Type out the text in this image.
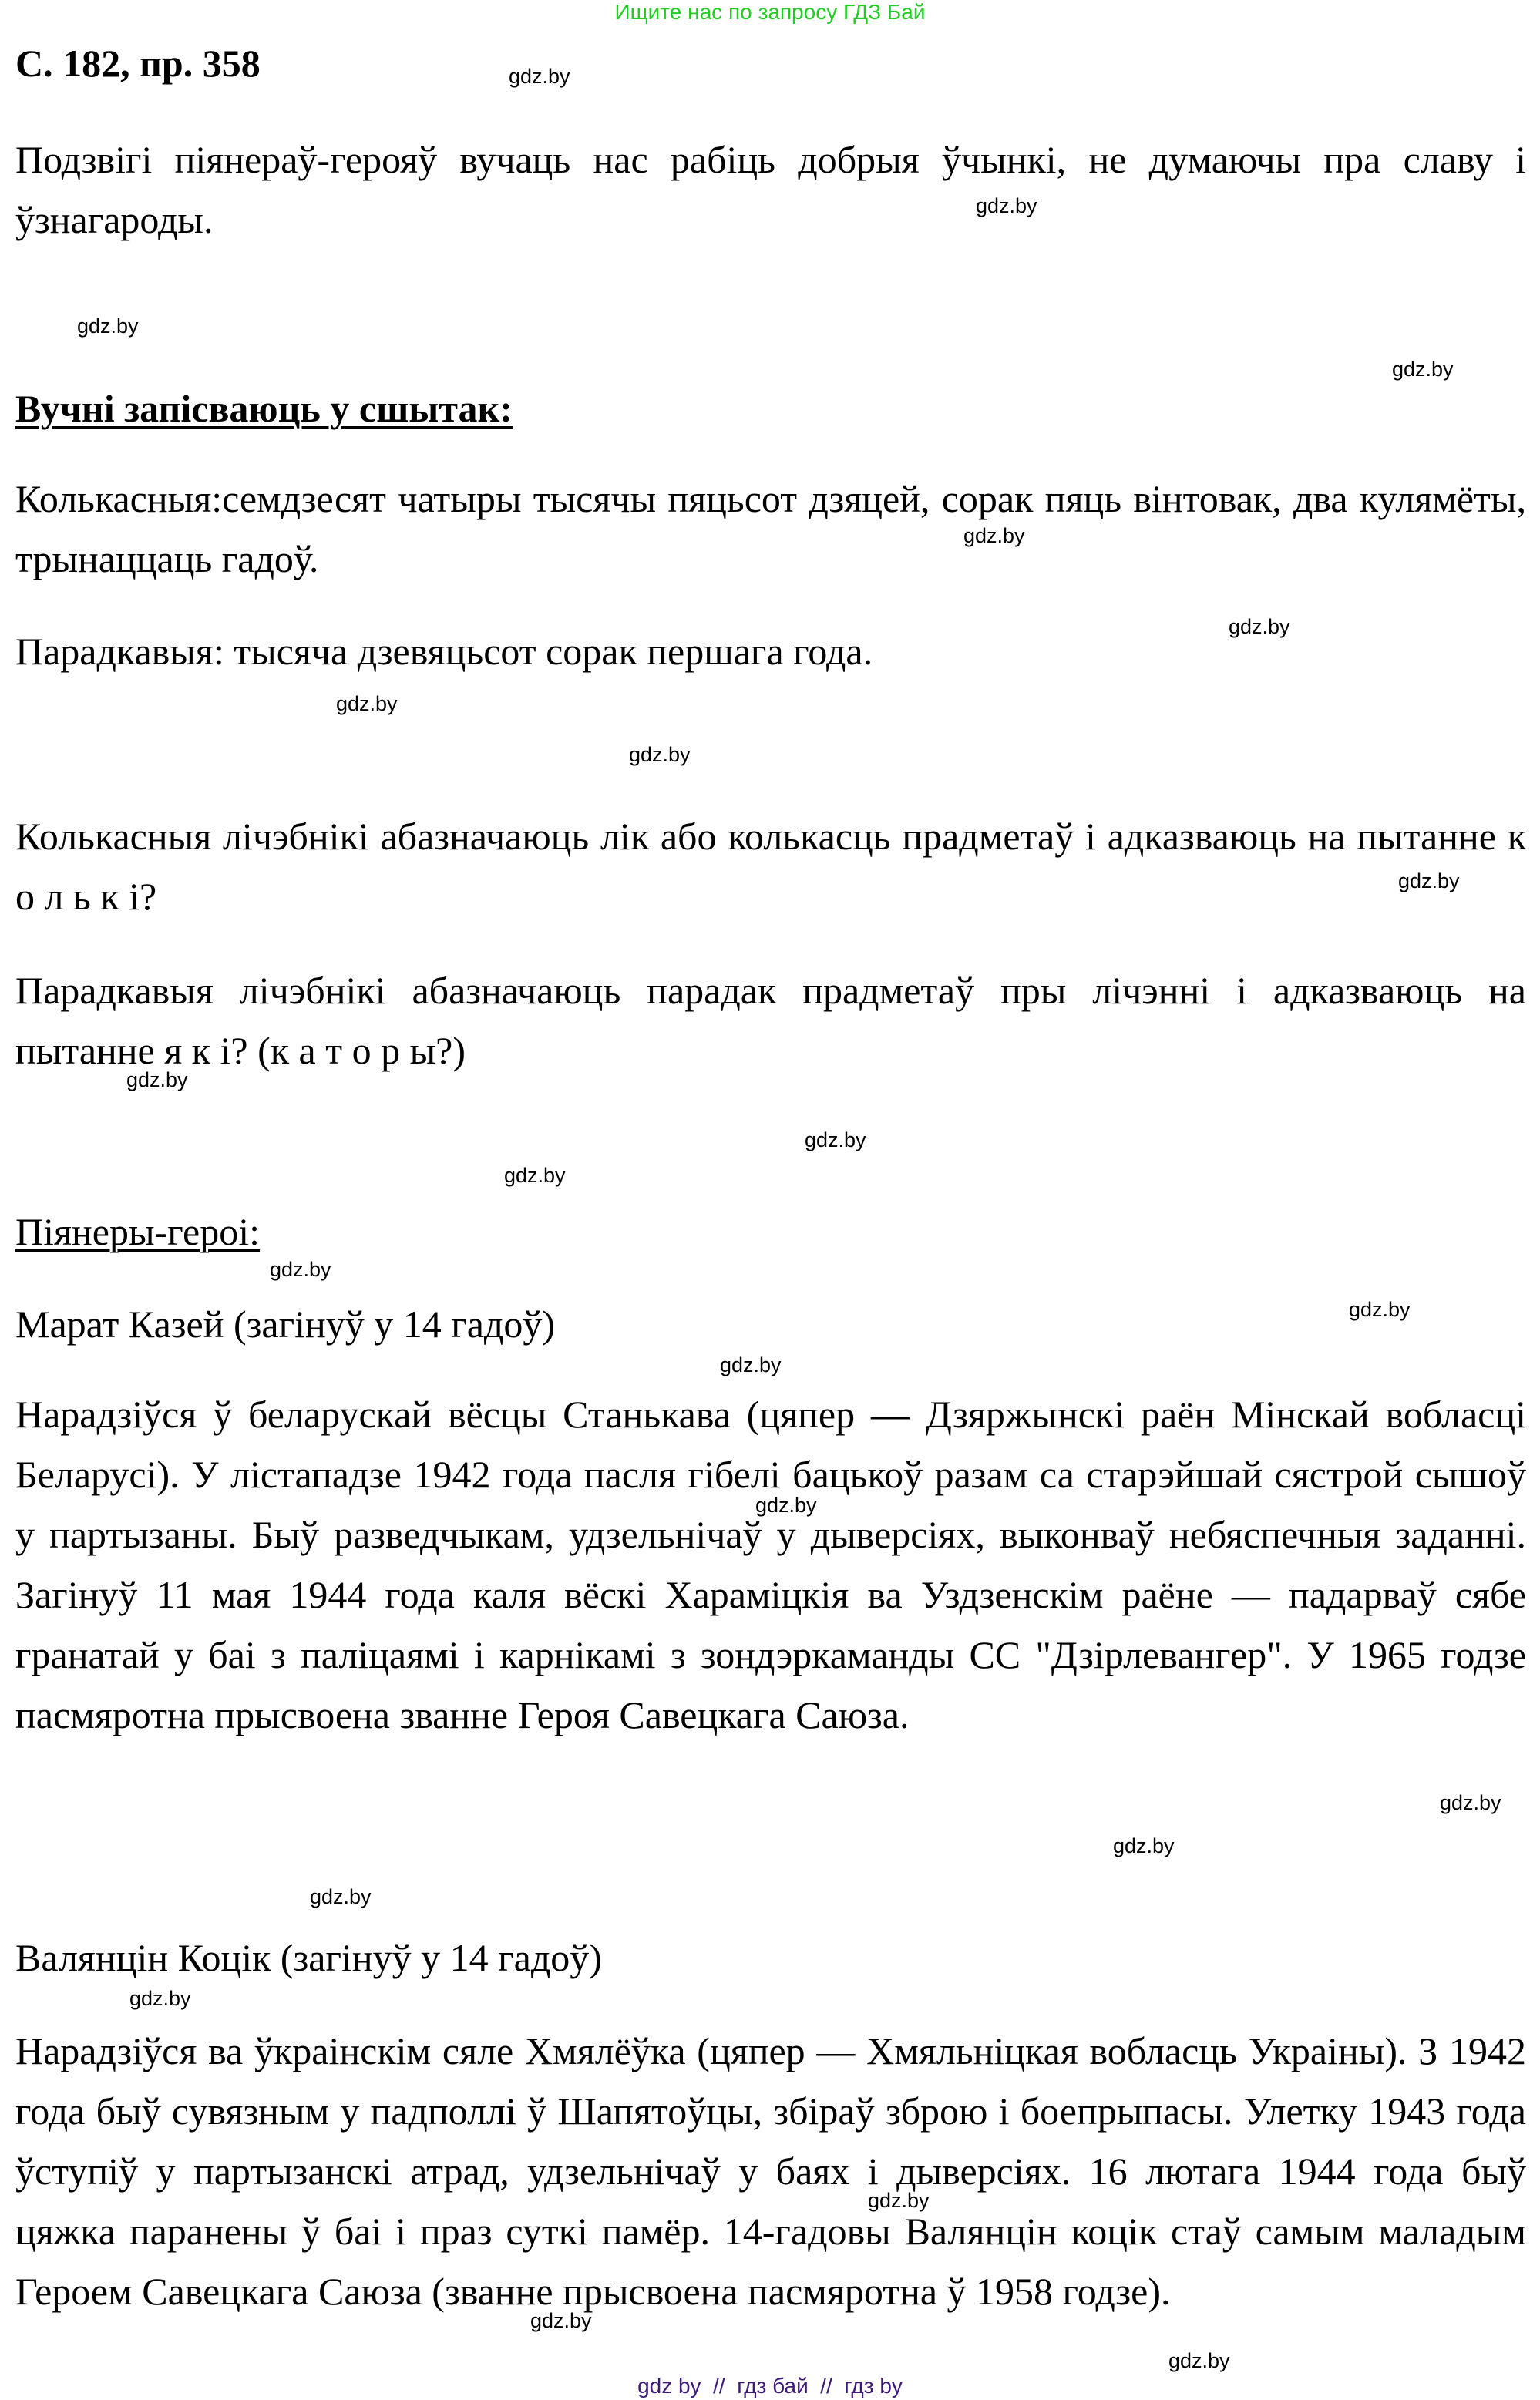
Ищите нас по запросу ГДЗ Бай
С. 182, пр. 358
Подзвігі піянераў-герояў вучаць нас рабіць добрыя ўчынкі, не думаючы пра славу і ўзнагароды.
Вучні запісваюць у сшытак:
Колькасныя:семдзесят чатыры тысячы пяцьсот дзяцей, сорак пяць вінтовак, два кулямёты, трынаццаць гадоў.
Парадкавыя: тысяча дзевяцьсот сорак першага года.
Колькасныя лічэбнікі абазначаюць лік або колькасць прадметаў і адказваюць на пытанне к о л ь к і?
Парадкавыя лічэбнікі абазначаюць парадак прадметаў пры лічэнні і адказваюць на пытанне я к і? (к а т о р ы?)
Піянеры-героі:
Марат Казей (загінуў у 14 гадоў)
Нарадзіўся ў беларускай вёсцы Станькава (цяпер — Дзяржынскі раён Мінскай вобласці Беларусі). У лістападзе 1942 года пасля гібелі бацькоў разам са старэйшай сястрой сышоў у партызаны. Быў разведчыкам, удзельнічаў у дыверсіях, выконваў небяспечныя заданні. Загінуў 11 мая 1944 года каля вёскі Хараміцкія ва Уздзенскім раёне — падарваў сябе гранатай у баі з паліцаямі і карнікамі з зондэркаманды СС "Дзірлевангер". У 1965 годзе пасмяротна прысвоена званне Героя Савецкага Саюза.
Валянцін Коцік (загінуў у 14 гадоў)
Нарадзіўся ва ўкраінскім сяле Хмялёўка (цяпер — Хмяльніцкая вобласць Украіны). З 1942 года быў сувязным у падполлі ў Шапятоўцы, збіраў зброю і боепрыпасы. Улетку 1943 года ўступіў у партызанскі атрад, удзельнічаў у баях і дыверсіях. 16 лютага 1944 года быў цяжка паранены ў баі і праз суткі памёр. 14-гадовы Валянцін коцік стаў самым маладым Героем Савецкага Саюза (званне прысвоена пасмяротна ў 1958 годзе).
gdz.by
gdz.by
gdz.by
gdz.by
gdz.by
gdz.by
gdz.by
gdz.by
gdz.by
gdz.by
gdz.by
gdz.by
gdz.by
gdz.by
gdz.by
gdz.by
gdz.by
gdz.by
gdz.by
gdz.by
gdz.by
gdz.by
gdz.by
gdz by  //  гдз бай  //  гдз by
